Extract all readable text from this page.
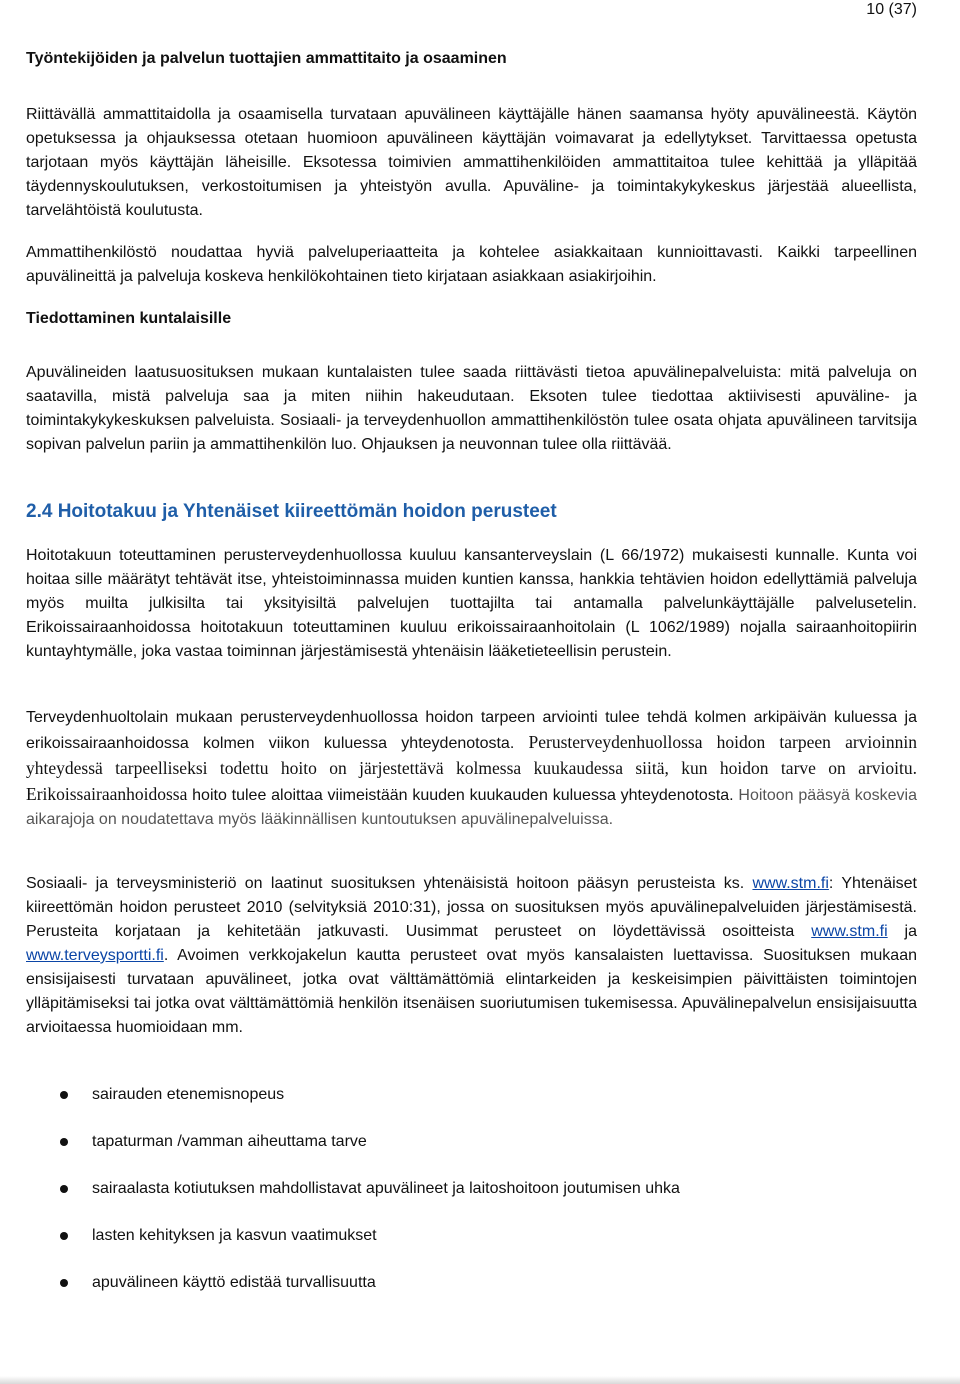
10 (37)
Työntekijöiden ja palvelun tuottajien ammattitaito ja osaaminen
Riittävällä ammattitaidolla ja osaamisella turvataan apuvälineen käyttäjälle hänen saamansa hyöty apuvälineestä. Käytön opetuksessa ja ohjauksessa otetaan huomioon apuvälineen käyttäjän voimavarat ja edellytykset. Tarvittaessa opetusta tarjotaan myös käyttäjän läheisille. Eksotessa toimivien ammattihenkilöiden ammattitaitoa tulee kehittää ja ylläpitää täydennyskoulutuksen, verkostoitumisen ja yhteistyön avulla. Apuväline- ja toimintakykykeskus järjestää alueellista, tarvelähtöistä koulutusta.
Ammattihenkilöstö noudattaa hyviä palveluperiaatteita ja kohtelee asiakkaitaan kunnioittavasti. Kaikki tarpeellinen apuvälineittä ja palveluja koskeva henkilökohtainen tieto kirjataan asiakkaan asiakirjoihin.
Tiedottaminen kuntalaisille
Apuvälineiden laatusuosituksen mukaan kuntalaisten tulee saada riittävästi tietoa apuvälinepalveluista: mitä palveluja on saatavilla, mistä palveluja saa ja miten niihin hakeudutaan. Eksoten tulee tiedottaa aktiivisesti apuväline- ja toimintakykykeskuksen palveluista. Sosiaali- ja terveydenhuollon ammattihenkilöstön tulee osata ohjata apuvälineen tarvitsija sopivan palvelun pariin ja ammattihenkilön luo. Ohjauksen ja neuvonnan tulee olla riittävää.
2.4 Hoitotakuu ja Yhtenäiset kiireettömän hoidon perusteet
Hoitotakuun toteuttaminen perusterveydenhuollossa kuuluu kansanterveyslain (L 66/1972) mukaisesti kunnalle. Kunta voi hoitaa sille määrätyt tehtävät itse, yhteistoiminnassa muiden kuntien kanssa, hankkia tehtävien hoidon edellyttämiä palveluja myös muilta julkisilta tai yksityisiltä palvelujen tuottajilta tai antamalla palvelunkäyttäjälle palvelusetelin. Erikoissairaanhoidossa hoitotakuun toteuttaminen kuuluu erikoissairaanhoitolain (L 1062/1989) nojalla sairaanhoitopiirin kuntayhtymälle, joka vastaa toiminnan järjestämisestä yhtenäisin lääketieteellisin perustein.
Terveydenhuoltolain mukaan perusterveydenhuollossa hoidon tarpeen arviointi tulee tehdä kolmen arkipäivän kuluessa ja erikoissairaanhoidossa kolmen viikon kuluessa yhteydenotosta. Perusterveydenhuollossa hoidon tarpeen arvioinnin yhteydessä tarpeelliseksi todettu hoito on järjestettävä kolmessa kuukaudessa siitä, kun hoidon tarve on arvioitu. Erikoissairaanhoidossa hoito tulee aloittaa viimeistään kuuden kuukauden kuluessa yhteydenotosta. Hoitoon pääsyä koskevia aikarajoja on noudatettava myös lääkinnällisen kuntoutuksen apuvälinepalveluissa.
Sosiaali- ja terveysministeriö on laatinut suosituksen yhtenäisistä hoitoon pääsyn perusteista ks. www.stm.fi: Yhtenäiset kiireettömän hoidon perusteet 2010 (selvityksiä 2010:31), jossa on suosituksen myös apuvälinepalveluiden järjestämisestä. Perusteita korjataan ja kehitetään jatkuvasti. Uusimmat perusteet on löydettävissä osoitteista www.stm.fi ja www.terveysportti.fi. Avoimen verkkojakelun kautta perusteet ovat myös kansalaisten luettavissa. Suosituksen mukaan ensisijaisesti turvataan apuvälineet, jotka ovat välttämättömiä elintarkeiden ja keskeisimpien päivittäisten toimintojen ylläpitämiseksi tai jotka ovat välttämättömiä henkilön itsenäisen suoriutumisen tukemisessa. Apuvälinepalvelun ensisijaisuutta arvioitaessa huomioidaan mm.
sairauden etenemisnopeus
tapaturman /vamman aiheuttama tarve
sairaalasta kotiutuksen mahdollistavat apuvälineet ja laitoshoitoon joutumisen uhka
lasten kehityksen ja kasvun vaatimukset
apuvälineen käyttö edistää turvallisuutta
